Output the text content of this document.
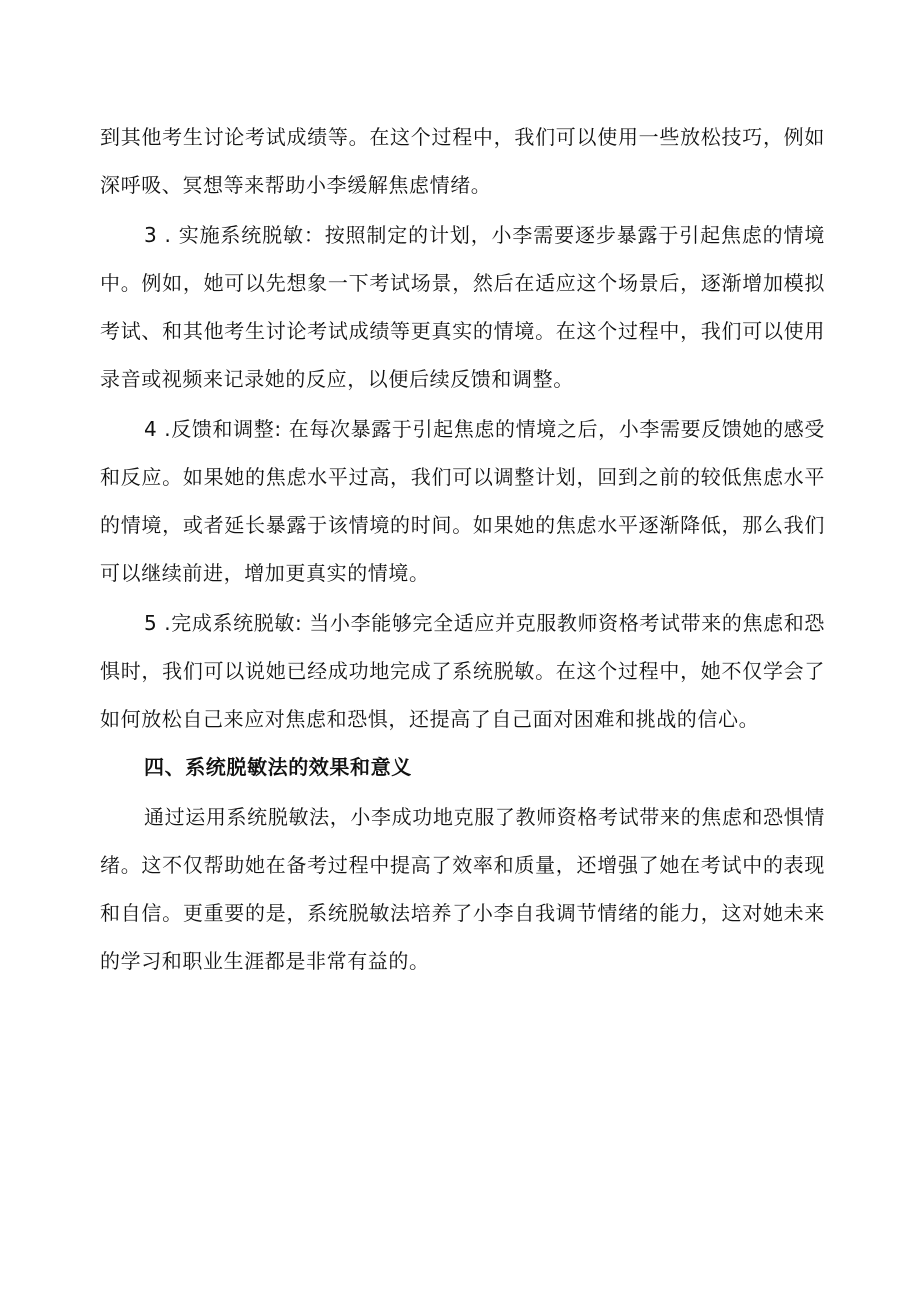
到其他考生讨论考试成绩等。在这个过程中，我们可以使用一些放松技巧，例如深呼吸、冥想等来帮助小李缓解焦虑情绪。

3 . 实施系统脱敏：按照制定的计划，小李需要逐步暴露于引起焦虑的情境中。例如，她可以先想象一下考试场景，然后在适应这个场景后，逐渐增加模拟考试、和其他考生讨论考试成绩等更真实的情境。在这个过程中，我们可以使用录音或视频来记录她的反应，以便后续反馈和调整。

4 .反馈和调整: 在每次暴露于引起焦虑的情境之后，小李需要反馈她的感受和反应。如果她的焦虑水平过高，我们可以调整计划，回到之前的较低焦虑水平的情境，或者延长暴露于该情境的时间。如果她的焦虑水平逐渐降低，那么我们可以继续前进，增加更真实的情境。

5 .完成系统脱敏: 当小李能够完全适应并克服教师资格考试带来的焦虑和恐惧时，我们可以说她已经成功地完成了系统脱敏。在这个过程中，她不仅学会了如何放松自己来应对焦虑和恐惧，还提高了自己面对困难和挑战的信心。

四、系统脱敏法的效果和意义

通过运用系统脱敏法，小李成功地克服了教师资格考试带来的焦虑和恐惧情绪。这不仅帮助她在备考过程中提高了效率和质量，还增强了她在考试中的表现和自信。更重要的是，系统脱敏法培养了小李自我调节情绪的能力，这对她未来的学习和职业生涯都是非常有益的。
